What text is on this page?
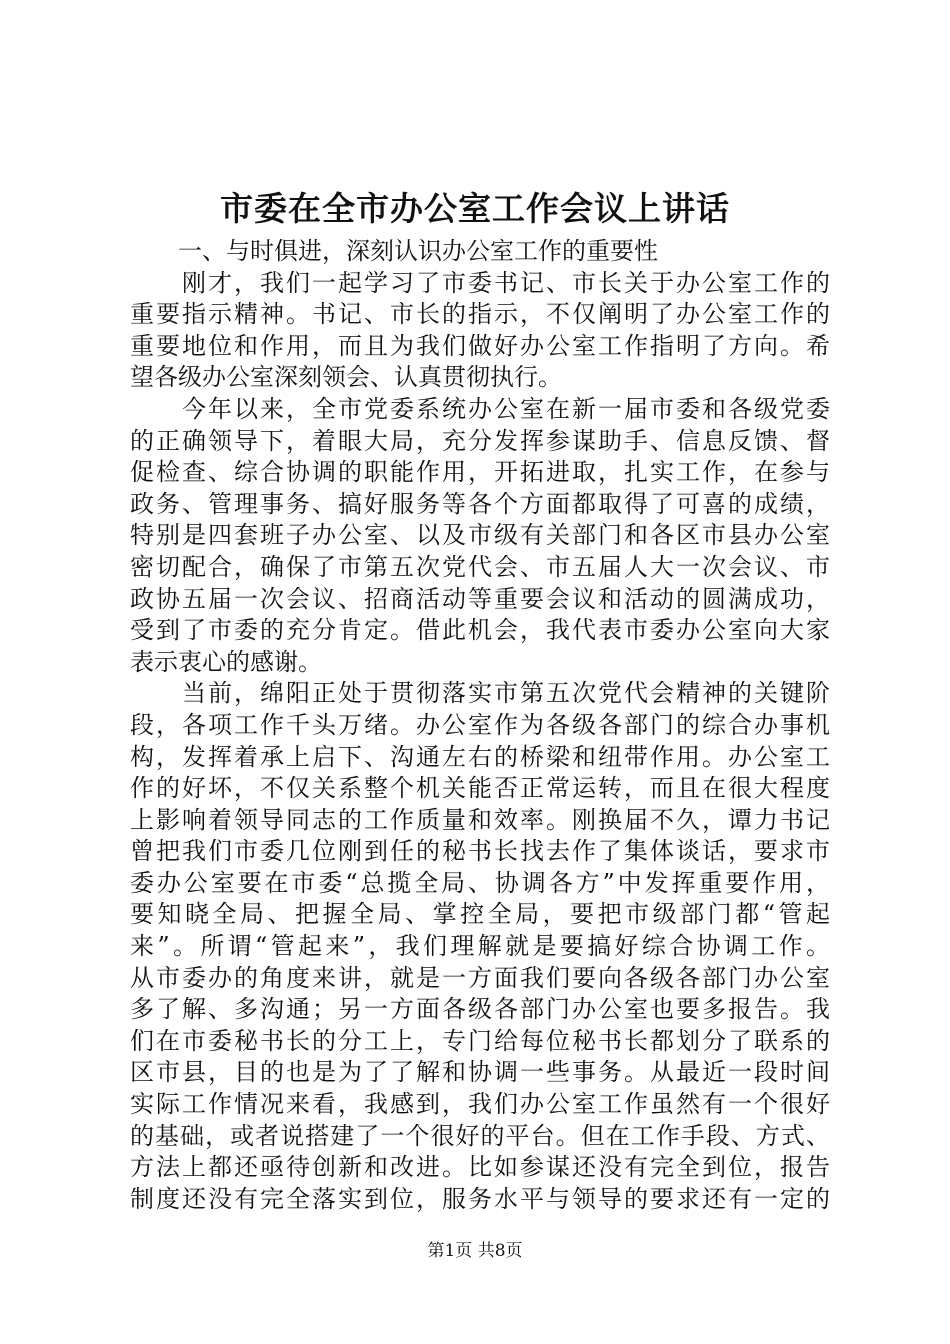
市委在全市办公室工作会议上讲话
　　一、与时俱进，深刻认识办公室工作的重要性
　　刚才，我们一起学习了市委书记、市长关于办公室工作的
重要指示精神。书记、市长的指示，不仅阐明了办公室工作的
重要地位和作用，而且为我们做好办公室工作指明了方向。希
望各级办公室深刻领会、认真贯彻执行。
　　今年以来，全市党委系统办公室在新一届市委和各级党委
的正确领导下，着眼大局，充分发挥参谋助手、信息反馈、督
促检查、综合协调的职能作用，开拓进取，扎实工作，在参与
政务、管理事务、搞好服务等各个方面都取得了可喜的成绩，
特别是四套班子办公室、以及市级有关部门和各区市县办公室
密切配合，确保了市第五次党代会、市五届人大一次会议、市
政协五届一次会议、招商活动等重要会议和活动的圆满成功，
受到了市委的充分肯定。借此机会，我代表市委办公室向大家
表示衷心的感谢。
　　当前，绵阳正处于贯彻落实市第五次党代会精神的关键阶
段，各项工作千头万绪。办公室作为各级各部门的综合办事机
构，发挥着承上启下、沟通左右的桥梁和纽带作用。办公室工
作的好坏，不仅关系整个机关能否正常运转，而且在很大程度
上影响着领导同志的工作质量和效率。刚换届不久，谭力书记
曾把我们市委几位刚到任的秘书长找去作了集体谈话，要求市
委办公室要在市委“总揽全局、协调各方”中发挥重要作用，
要知晓全局、把握全局、掌控全局，要把市级部门都“管起
来”。所谓“管起来”，我们理解就是要搞好综合协调工作。
从市委办的角度来讲，就是一方面我们要向各级各部门办公室
多了解、多沟通；另一方面各级各部门办公室也要多报告。我
们在市委秘书长的分工上，专门给每位秘书长都划分了联系的
区市县，目的也是为了了解和协调一些事务。从最近一段时间
实际工作情况来看，我感到，我们办公室工作虽然有一个很好
的基础，或者说搭建了一个很好的平台。但在工作手段、方式、
方法上都还亟待创新和改进。比如参谋还没有完全到位，报告
制度还没有完全落实到位，服务水平与领导的要求还有一定的
第1页 共8页
